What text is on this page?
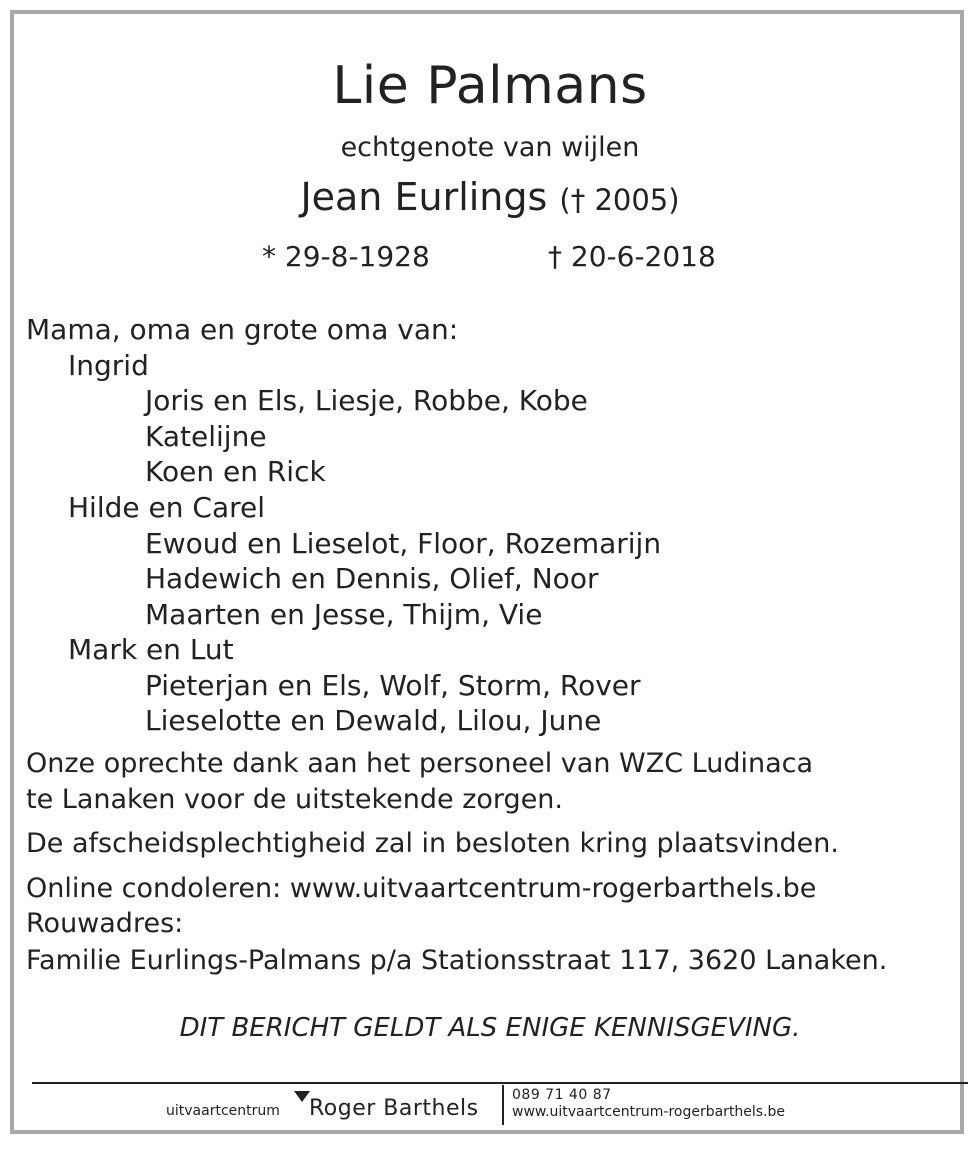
Lie Palmans
echtgenote van wijlen
Jean Eurlings († 2005)
* 29-8-1928	† 20-6-2018
Mama, oma en grote oma van:
Ingrid
Joris en Els, Liesje, Robbe, Kobe
Katelijne
Koen en Rick
Hilde en Carel
Ewoud en Lieselot, Floor, Rozemarijn
Hadewich en Dennis, Olief, Noor
Maarten en Jesse, Thijm, Vie
Mark en Lut
Pieterjan en Els, Wolf, Storm, Rover
Lieselotte en Dewald, Lilou, June
Onze oprechte dank aan het personeel van WZC Ludinaca
te Lanaken voor de uitstekende zorgen.
De afscheidsplechtigheid zal in besloten kring plaatsvinden.
Online condoleren: www.uitvaartcentrum-rogerbarthels.be
Rouwadres:
Familie Eurlings-Palmans p/a Stationsstraat 117, 3620 Lanaken.
DIT BERICHT GELDT ALS ENIGE KENNISGEVING.
uitvaartcentrum Roger Barthels
089 71 40 87
www.uitvaartcentrum-rogerbarthels.be
